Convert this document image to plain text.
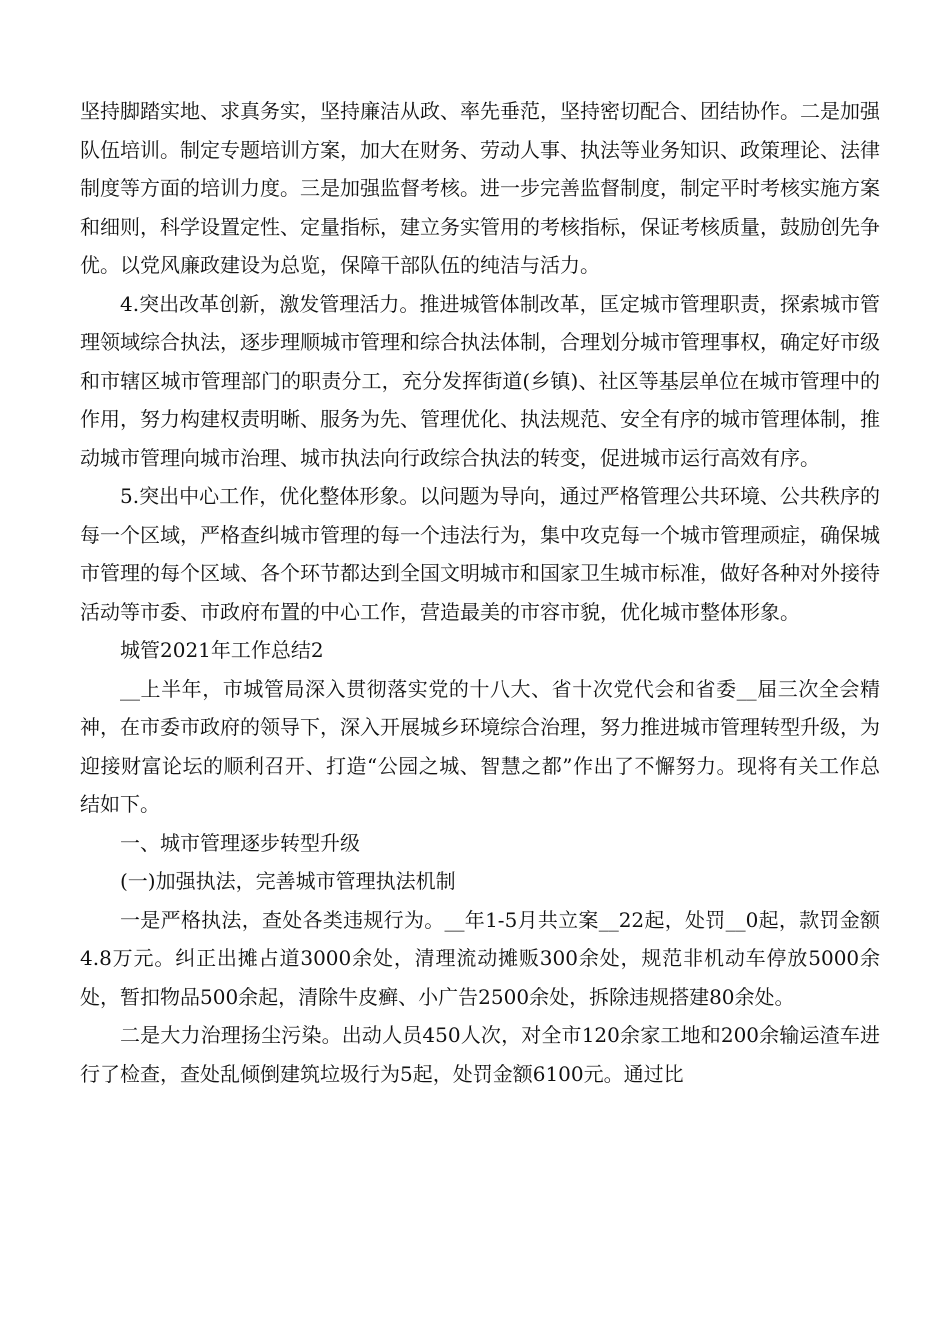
坚持脚踏实地、求真务实，坚持廉洁从政、率先垂范，坚持密切配合、团结协作。二是加强队伍培训。制定专题培训方案，加大在财务、劳动人事、执法等业务知识、政策理论、法律制度等方面的培训力度。三是加强监督考核。进一步完善监督制度，制定平时考核实施方案和细则，科学设置定性、定量指标，建立务实管用的考核指标，保证考核质量，鼓励创先争优。以党风廉政建设为总览，保障干部队伍的纯洁与活力。

4.突出改革创新，激发管理活力。推进城管体制改革，匡定城市管理职责，探索城市管理领域综合执法，逐步理顺城市管理和综合执法体制，合理划分城市管理事权，确定好市级和市辖区城市管理部门的职责分工，充分发挥街道(乡镇)、社区等基层单位在城市管理中的作用，努力构建权责明晰、服务为先、管理优化、执法规范、安全有序的城市管理体制，推动城市管理向城市治理、城市执法向行政综合执法的转变，促进城市运行高效有序。

5.突出中心工作，优化整体形象。以问题为导向，通过严格管理公共环境、公共秩序的每一个区域，严格查纠城市管理的每一个违法行为，集中攻克每一个城市管理顽症，确保城市管理的每个区域、各个环节都达到全国文明城市和国家卫生城市标准，做好各种对外接待活动等市委、市政府布置的中心工作，营造最美的市容市貌，优化城市整体形象。

城管2021年工作总结2

__上半年，市城管局深入贯彻落实党的十八大、省十次党代会和省委__届三次全会精神，在市委市政府的领导下，深入开展城乡环境综合治理，努力推进城市管理转型升级，为迎接财富论坛的顺利召开、打造“公园之城、智慧之都”作出了不懈努力。现将有关工作总结如下。

一、城市管理逐步转型升级

(一)加强执法，完善城市管理执法机制

一是严格执法，查处各类违规行为。__年1-5月共立案__22起，处罚__0起，款罚金额4.8万元。纠正出摊占道3000余处，清理流动摊贩300余处，规范非机动车停放5000余处，暂扣物品500余起，清除牛皮癣、小广告2500余处，拆除违规搭建80余处。

二是大力治理扬尘污染。出动人员450人次，对全市120余家工地和200余输运渣车进行了检查，查处乱倾倒建筑垃圾行为5起，处罚金额6100元。通过比
